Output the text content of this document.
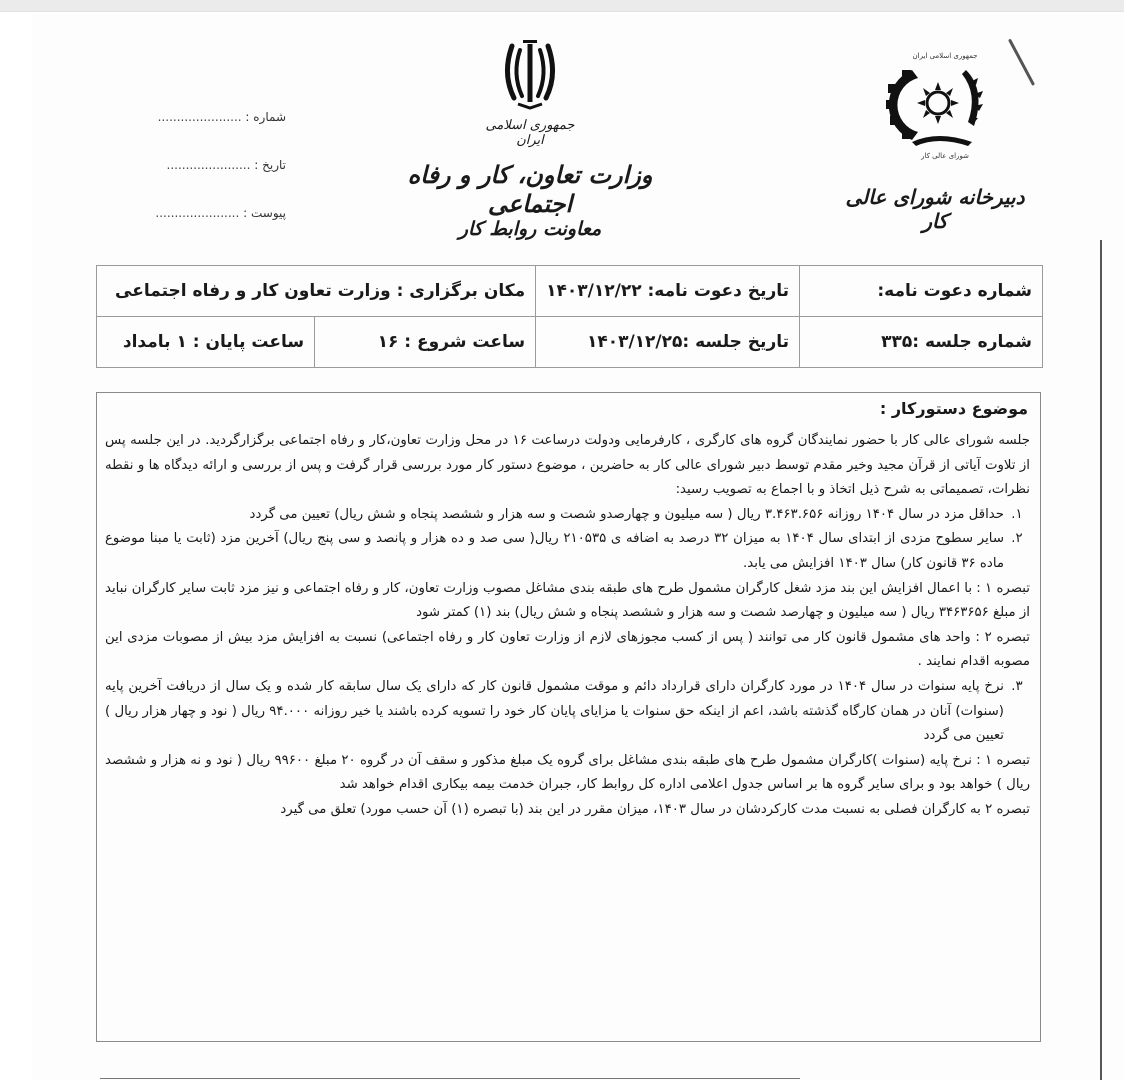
جمهوری اسلامی ایران
وزارت تعاون، کار و رفاه اجتماعی
معاونت روابط کار
جمهوری اسلامی ایران
شورای عالی کار
دبیرخانه شورای عالی کار
شماره : ......................
تاریخ : ......................
پیوست : ......................
شماره دعوت نامه:	تاریخ دعوت نامه: ۱۴۰۳/۱۲/۲۲	مکان برگزاری : وزارت تعاون کار و رفاه اجتماعی	
شماره جلسه :۳۳۵	تاریخ جلسه :۱۴۰۳/۱۲/۲۵	ساعت شروع : ۱۶	ساعت پایان : ۱ بامداد
موضوع دستورکار :

جلسه شورای عالی کار با حضور نمایندگان گروه های کارگری ، کارفرمایی ودولت درساعت ۱۶ در محل وزارت تعاون،کار و رفاه اجتماعی برگزارگردید. در این جلسه پس از تلاوت آیاتی از قرآن مجید وخیر مقدم توسط دبیر شورای عالی کار به حاضرین ، موضوع دستور کار مورد بررسی قرار گرفت و پس از بررسی و ارائه دیدگاه ها و نقطه نظرات، تصمیماتی به شرح ذیل اتخاذ و با اجماع به تصویب رسید:

۱.
حداقل مزد در سال ۱۴۰۴ روزانه ۳.۴۶۳.۶۵۶ ریال ( سه میلیون و چهارصدو شصت و سه هزار و ششصد پنجاه و شش ریال) تعیین می گردد
۲.
سایر سطوح مزدی از ابتدای سال ۱۴۰۴ به میزان ۳۲ درصد به اضافه ی ۲۱۰۵۳۵ ریال( سی صد و ده هزار و پانصد و سی پنج ریال) آخرین مزد (ثابت یا مبنا موضوع ماده ۳۶ قانون کار) سال ۱۴۰۳ افزایش می یابد.

تبصره ۱ : با اعمال افزایش این بند مزد شغل کارگران مشمول طرح های طبقه بندی مشاغل مصوب وزارت تعاون، کار و رفاه اجتماعی و نیز مزد ثابت سایر کارگران نباید از مبلغ ۳۴۶۳۶۵۶ ریال ( سه میلیون و چهارصد شصت و سه هزار و ششصد پنجاه و شش ریال) بند (۱) کمتر شود

تبصره ۲ : واحد های مشمول قانون کار می توانند ( پس از کسب مجوزهای لازم از وزارت تعاون کار و رفاه اجتماعی) نسبت به افزایش مزد بیش از مصوبات مزدی این مصوبه اقدام نمایند .

۳.
نرخ پایه سنوات در سال ۱۴۰۴ در مورد کارگران دارای قرارداد دائم و موقت مشمول قانون کار که دارای یک سال سابقه کار شده و یک سال از دریافت آخرین پایه (سنوات) آنان در همان کارگاه گذشته باشد، اعم از اینکه حق سنوات یا مزایای پایان کار خود را تسویه کرده باشند یا خیر روزانه ۹۴.۰۰۰ ریال ( نود و چهار هزار ریال ) تعیین می گردد

تبصره ۱ : نرخ پایه (سنوات )کارگران مشمول طرح های طبقه بندی مشاغل برای گروه یک مبلغ مذکور و سقف آن در گروه ۲۰ مبلغ ۹۹۶۰۰ ریال ( نود و نه هزار و ششصد ریال ) خواهد بود و برای سایر گروه ها بر اساس جدول اعلامی اداره کل روابط کار، جبران خدمت بیمه بیکاری اقدام خواهد شد

تبصره ۲ به کارگران فصلی به نسبت مدت کارکردشان در سال ۱۴۰۳، میزان مقرر در این بند (با تبصره (۱) آن حسب مورد) تعلق می گیرد
